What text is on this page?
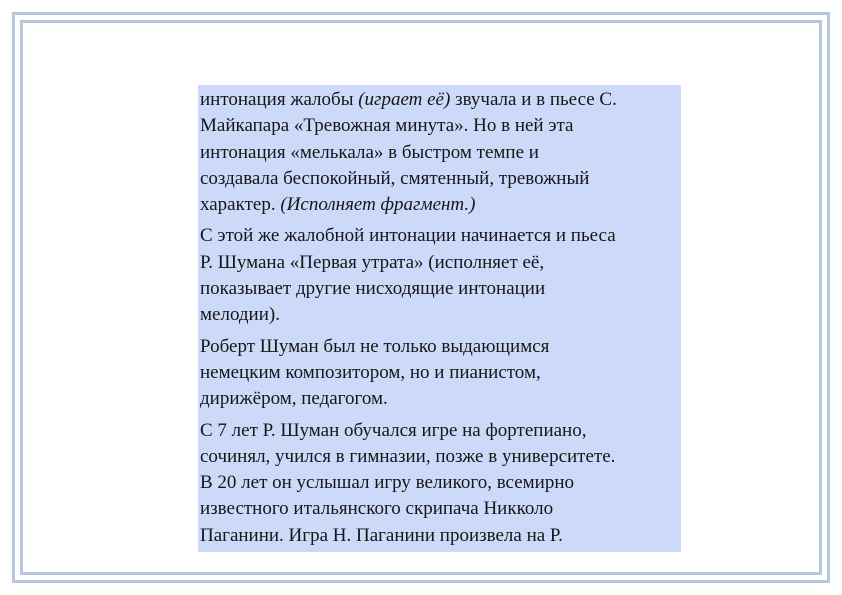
интонация жалобы (играет её) звучала и в пьесе С.
Майкапара «Тревожная минута». Но в ней эта
интонация «мелькала» в быстром темпе и
создавала беспокойный, смятенный, тревожный
характер. (Исполняет фрагмент.)

С этой же жалобной интонации начинается и пьеса
Р. Шумана «Первая утрата» (исполняет её,
показывает другие нисходящие интонации
мелодии).

Роберт Шуман был не только выдающимся
немецким композитором, но и пианистом,
дирижёром, педагогом.

С 7 лет Р. Шуман обучался игре на фортепиано,
сочинял, учился в гимназии, позже в университете.
В 20 лет он услышал игру великого, всемирно
известного итальянского скрипача Никколо
Паганини. Игра Н. Паганини произвела на Р.
